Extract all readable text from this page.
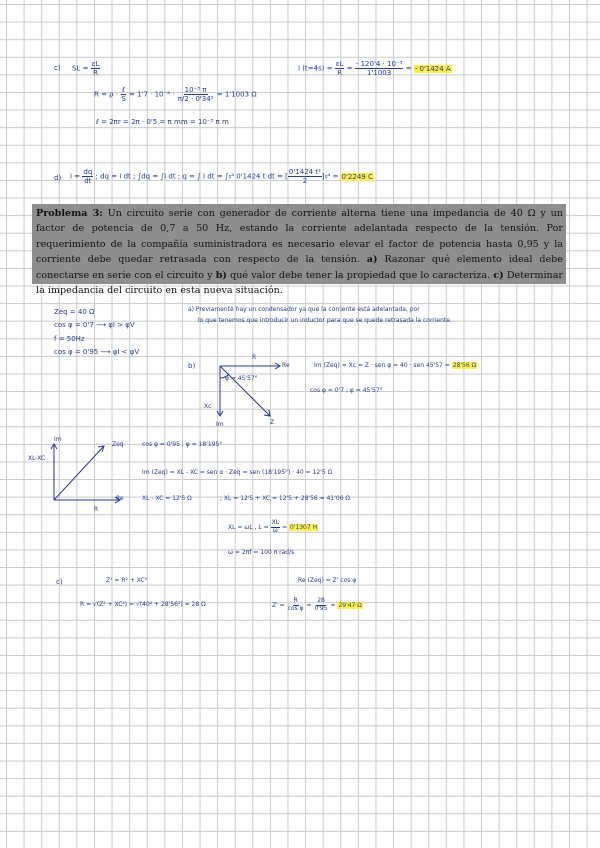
c) SL = $\frac{\varepsilon L}{R}$	I $(t=4s) = \frac{\varepsilon L}{R} = \frac{\text{- 120'4 · 10⁻³}}{1'1003}$ = - 0'1424 A
$R = \rho \cdot \frac{\text{ℓ}}{S} = 1'7 \cdot 10^{-8} \cdot \frac{\text{10⁻³ π}}{\text{π/2 · 0'34²}} = 1'1003$ Ω
ℓ = 2πr = 2π · 0'5 = π mm = 10⁻³ π m
d) $I = \frac{dq}{dt}$ ; dq = I dt ; ∫dq = ∫I dt ; q = ∫ I dt = ∫₀⁴ 0'1424 t dt = [ $\frac{\text{0'1424 t²}}{2} ]_0^4 = 0'2249$ C
Problema 3: Un circuito serie con generador de corriente alterna tiene una impedancia de 40 Ω y un factor de potencia de 0,7 a 50 Hz, estando la corriente adelantada respecto de la tensión. Por requerimiento de la compañía suministradora es necesario elevar el factor de potencia hasta 0,95 y la corriente debe quedar retrasada con respecto de la tensión. a) Razonar qué elemento ideal debe conectarse en serie con el circuito y b) qué valor debe tener la propiedad que lo caracteriza. c) Determinar la impedancia del circuito en esta nueva situación.
Zeq = 40 Ω
cos φ = 0'7 ⟶ φI > φV
f = 50Hz
cos φ = 0'95 ⟶ φI < φV
a) Previamente hay un condensador ya que la corriente está adelantada, por
lo que tenemos que introducir un inductor para que se quede retrasada la corriente.
b)
R
Re
φ = 45'57°
Xc
Im	Z
Im (Zeq) = Xc = Z · sen φ = 40 · sen 45'57 = 28'56 Ω
cos φ = 0'7 ; φ = 45'57°
Im
XL-XC
Zeq
Re
R
cos φ = 0'95 ; φ = 18'195°
Im (Zeq) = XL - XC = sen α · Zeq = sen (18'195°) · 40 = 12'5 Ω
XL - XC = 12'5 Ω	; XL = 12'5 + XC = 12'5 + 28'56 = 41'06 Ω
XL = ωL , $L = \frac{XL}{\omega} = 0'1307$ H
ω = 2πf = 100 π rad/s
c)	Z² = R² + XC²	Re (Zeq) = Z' cos φ
R = √(Z² + XC²) = √(40² + 28'56²) = 28 Ω	$Z' = \frac{R}{\text{cos φ}} = \frac{28}{0'95} = 29'47$ Ω
